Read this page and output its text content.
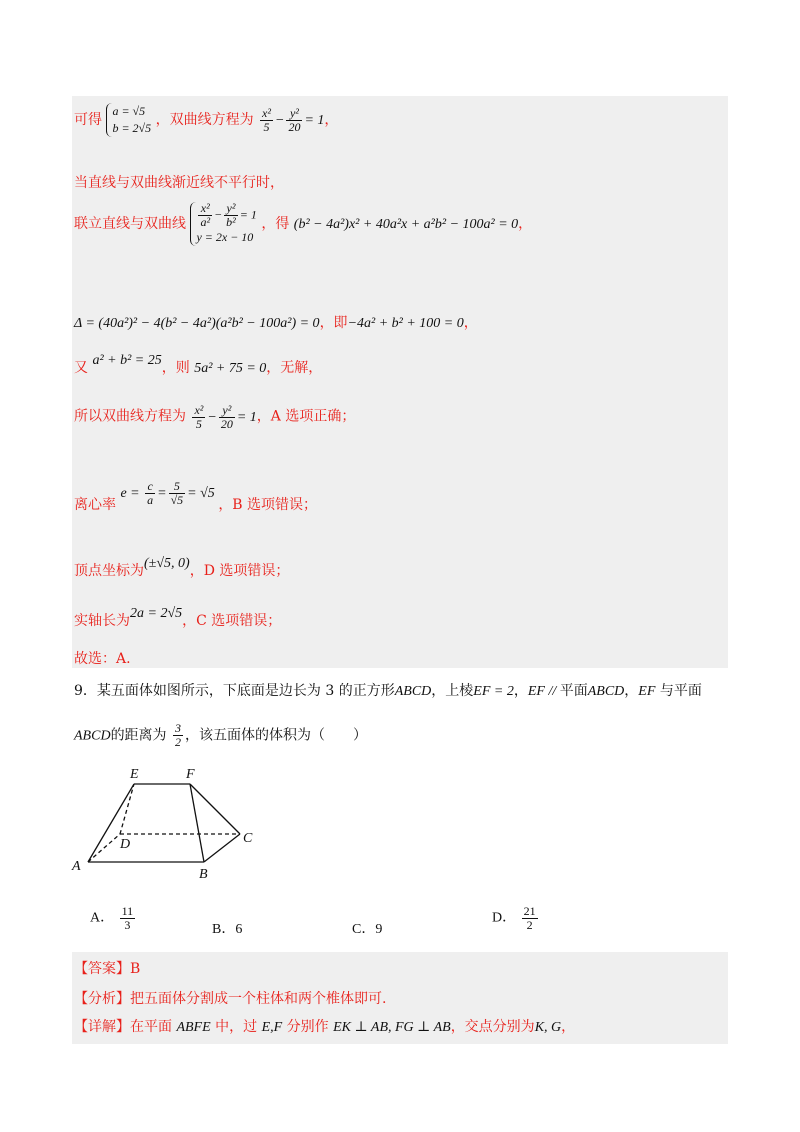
可得 a = √5
b = 2√5 ，双曲线方程为 $\frac{\text{x²}}{5} - \frac{\text{y²}}{20} = 1$，
当直线与双曲线渐近线不平行时，
联立直线与双曲线 $\frac{\text{x²}}{\text{a²}} - \frac{\text{y²}}{\text{b²}} = 1$
y = 2x − 10 ，得 (b² − 4a²)x² + 40a²x + a²b² − 100a² = 0，
Δ = (40a²)² − 4(b² − 4a²)(a²b² − 100a²) = 0，即−4a² + b² + 100 = 0，
又 a² + b² = 25，则 5a² + 75 = 0，无解，
所以双曲线方程为 $\frac{\text{x²}}{5} - \frac{\text{y²}}{20} = 1$，A 选项正确；
离心率 $e = \frac{c}{a} = \frac{5}{√5} = √5$ ，B 选项错误；
顶点坐标为(±√5, 0)，D 选项错误；
实轴长为2a = 2√5，C 选项错误；
故选：A.
9．某五面体如图所示，下底面是边长为 3 的正方形ABCD，上棱EF = 2，EF // 平面ABCD，EF 与平面
ABCD的距离为 $\frac{3}{2}$ ，该五面体的体积为（　　）
E	F
D	C
A
B
A． $\frac{11}{3}$	B．6	C．9
D． $\frac{21}{2}$
【答案】B
【分析】把五面体分割成一个柱体和两个椎体即可.
【详解】在平面 ABFE 中，过 E,F 分别作 EK ⊥ AB, FG ⊥ AB，交点分别为K, G，
